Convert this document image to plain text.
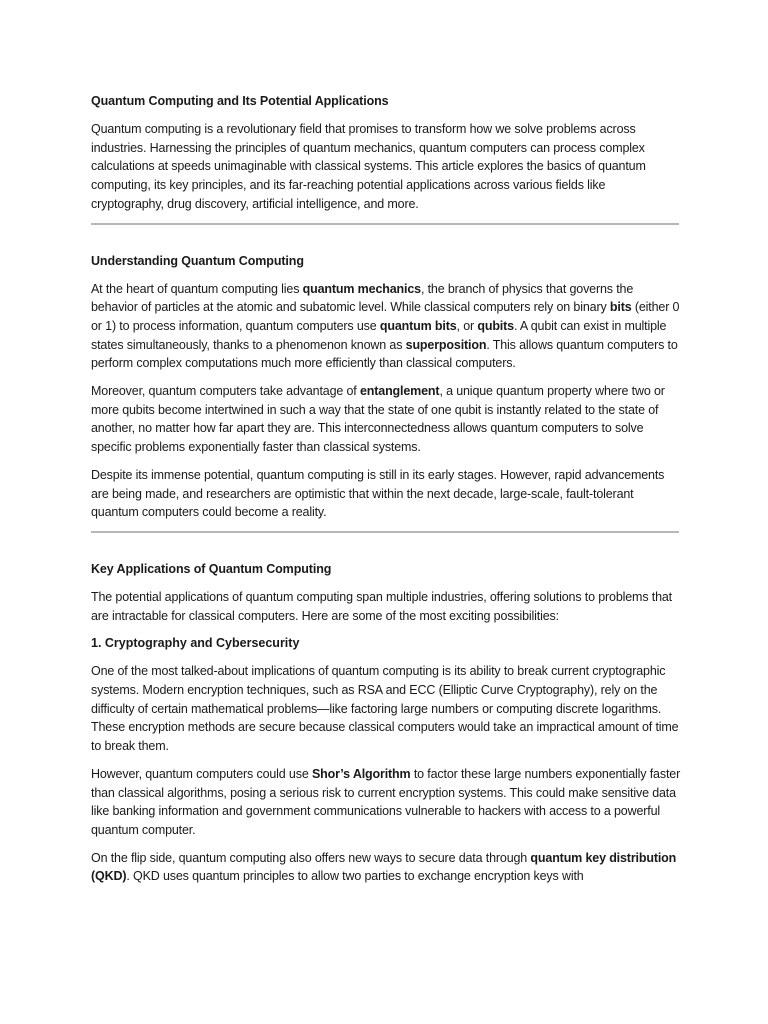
Quantum Computing and Its Potential Applications
Quantum computing is a revolutionary field that promises to transform how we solve problems across industries. Harnessing the principles of quantum mechanics, quantum computers can process complex calculations at speeds unimaginable with classical systems. This article explores the basics of quantum computing, its key principles, and its far-reaching potential applications across various fields like cryptography, drug discovery, artificial intelligence, and more.
Understanding Quantum Computing
At the heart of quantum computing lies quantum mechanics, the branch of physics that governs the behavior of particles at the atomic and subatomic level. While classical computers rely on binary bits (either 0 or 1) to process information, quantum computers use quantum bits, or qubits. A qubit can exist in multiple states simultaneously, thanks to a phenomenon known as superposition. This allows quantum computers to perform complex computations much more efficiently than classical computers.
Moreover, quantum computers take advantage of entanglement, a unique quantum property where two or more qubits become intertwined in such a way that the state of one qubit is instantly related to the state of another, no matter how far apart they are. This interconnectedness allows quantum computers to solve specific problems exponentially faster than classical systems.
Despite its immense potential, quantum computing is still in its early stages. However, rapid advancements are being made, and researchers are optimistic that within the next decade, large-scale, fault-tolerant quantum computers could become a reality.
Key Applications of Quantum Computing
The potential applications of quantum computing span multiple industries, offering solutions to problems that are intractable for classical computers. Here are some of the most exciting possibilities:
1. Cryptography and Cybersecurity
One of the most talked-about implications of quantum computing is its ability to break current cryptographic systems. Modern encryption techniques, such as RSA and ECC (Elliptic Curve Cryptography), rely on the difficulty of certain mathematical problems—like factoring large numbers or computing discrete logarithms. These encryption methods are secure because classical computers would take an impractical amount of time to break them.
However, quantum computers could use Shor’s Algorithm to factor these large numbers exponentially faster than classical algorithms, posing a serious risk to current encryption systems. This could make sensitive data like banking information and government communications vulnerable to hackers with access to a powerful quantum computer.
On the flip side, quantum computing also offers new ways to secure data through quantum key distribution (QKD). QKD uses quantum principles to allow two parties to exchange encryption keys with
